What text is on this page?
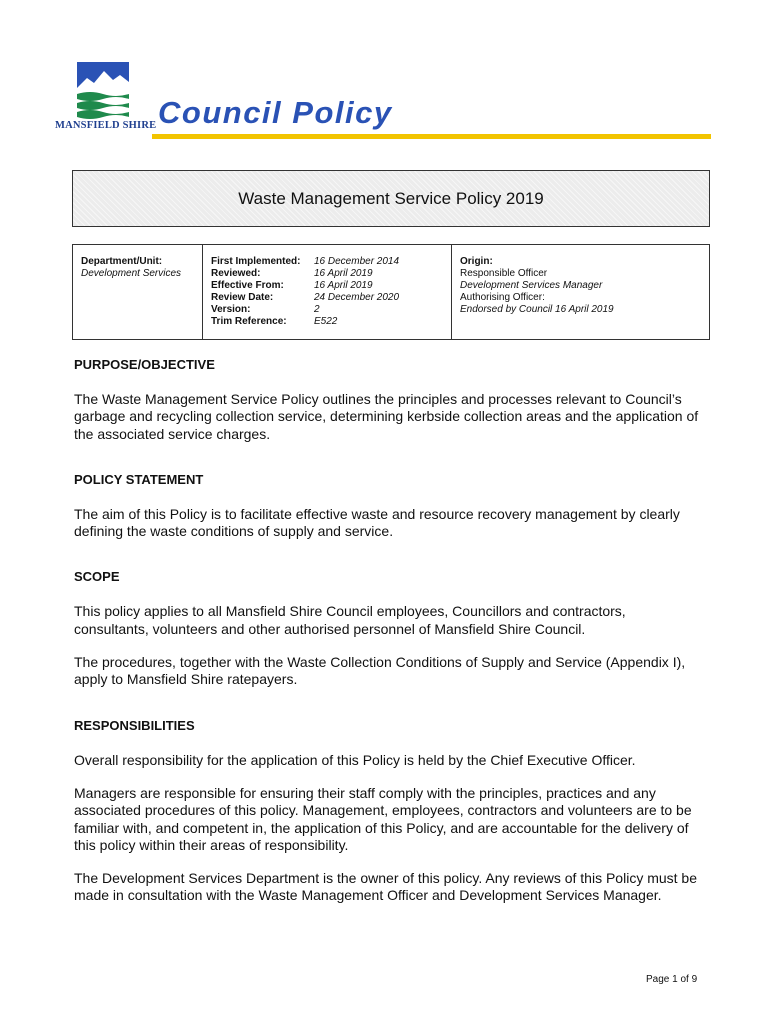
MANSFIELD SHIRE Council Policy
Waste Management Service Policy 2019
Department/Unit:
Development Services
First Implemented:	16 December 2014
Reviewed:	16 April 2019
Effective From:	16 April 2019
Review Date:	24 December 2020
Version:	2
Trim Reference:	E522
Origin:
Responsible Officer
Development Services Manager
Authorising Officer:
Endorsed by Council 16 April 2019
PURPOSE/OBJECTIVE

The Waste Management Service Policy outlines the principles and processes relevant to Council’s garbage and recycling collection service, determining kerbside collection areas and the application of the associated service charges.

POLICY STATEMENT

The aim of this Policy is to facilitate effective waste and resource recovery management by clearly defining the waste conditions of supply and service.

SCOPE

This policy applies to all Mansfield Shire Council employees, Councillors and contractors, consultants, volunteers and other authorised personnel of Mansfield Shire Council.

The procedures, together with the Waste Collection Conditions of Supply and Service (Appendix I), apply to Mansfield Shire ratepayers.

RESPONSIBILITIES

Overall responsibility for the application of this Policy is held by the Chief Executive Officer.

Managers are responsible for ensuring their staff comply with the principles, practices and any associated procedures of this policy. Management, employees, contractors and volunteers are to be familiar with, and competent in, the application of this Policy, and are accountable for the delivery of this policy within their areas of responsibility.

The Development Services Department is the owner of this policy. Any reviews of this Policy must be made in consultation with the Waste Management Officer and Development Services Manager.

Page 1 of 9
